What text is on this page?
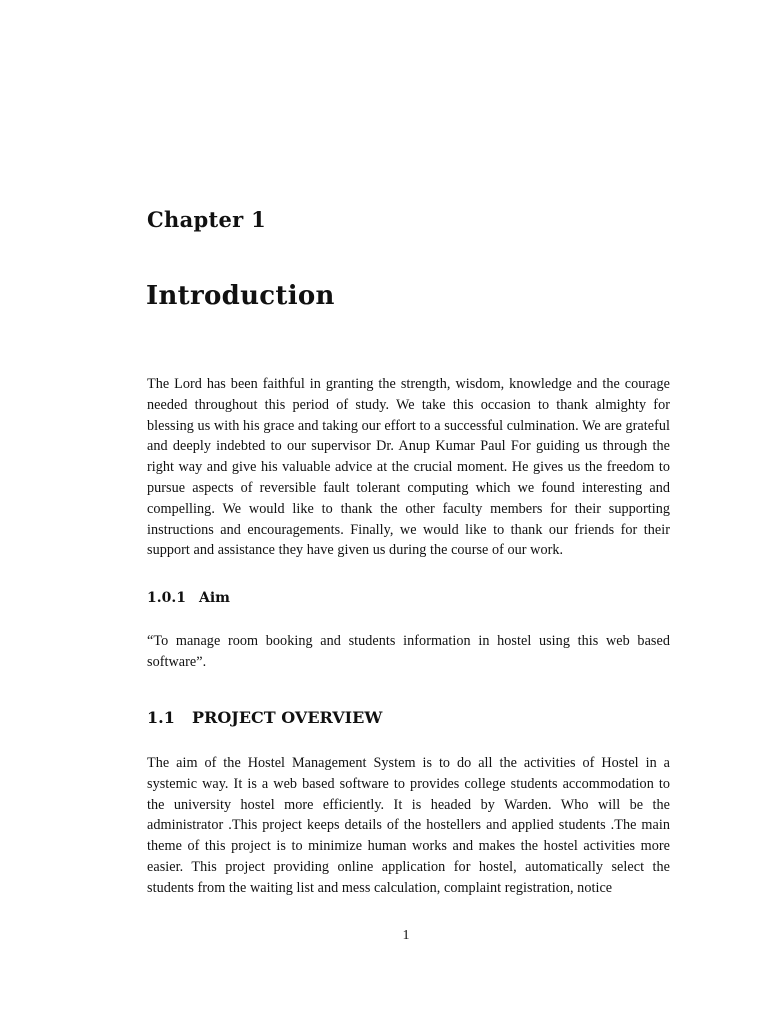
Chapter 1
Introduction

The Lord has been faithful in granting the strength, wisdom, knowledge and the courage needed throughout this period of study. We take this occasion to thank almighty for blessing us with his grace and taking our effort to a successful culmination. We are grateful and deeply indebted to our supervisor Dr. Anup Kumar Paul For guiding us through the right way and give his valuable advice at the crucial moment. He gives us the freedom to pursue aspects of reversible fault tolerant computing which we found interesting and compelling. We would like to thank the other faculty members for their supporting instructions and encouragements. Finally, we would like to thank our friends for their support and assistance they have given us during the course of our work.

1.0.1 Aim

“To manage room booking and students information in hostel using this web based software”.

1.1 PROJECT OVERVIEW

The aim of the Hostel Management System is to do all the activities of Hostel in a systemic way. It is a web based software to provides college students accommodation to the university hostel more efficiently. It is headed by Warden. Who will be the administrator .This project keeps details of the hostellers and applied students .The main theme of this project is to minimize human works and makes the hostel activities more easier. This project providing online application for hostel, automatically select the students from the waiting list and mess calculation, complaint registration, notice

1
